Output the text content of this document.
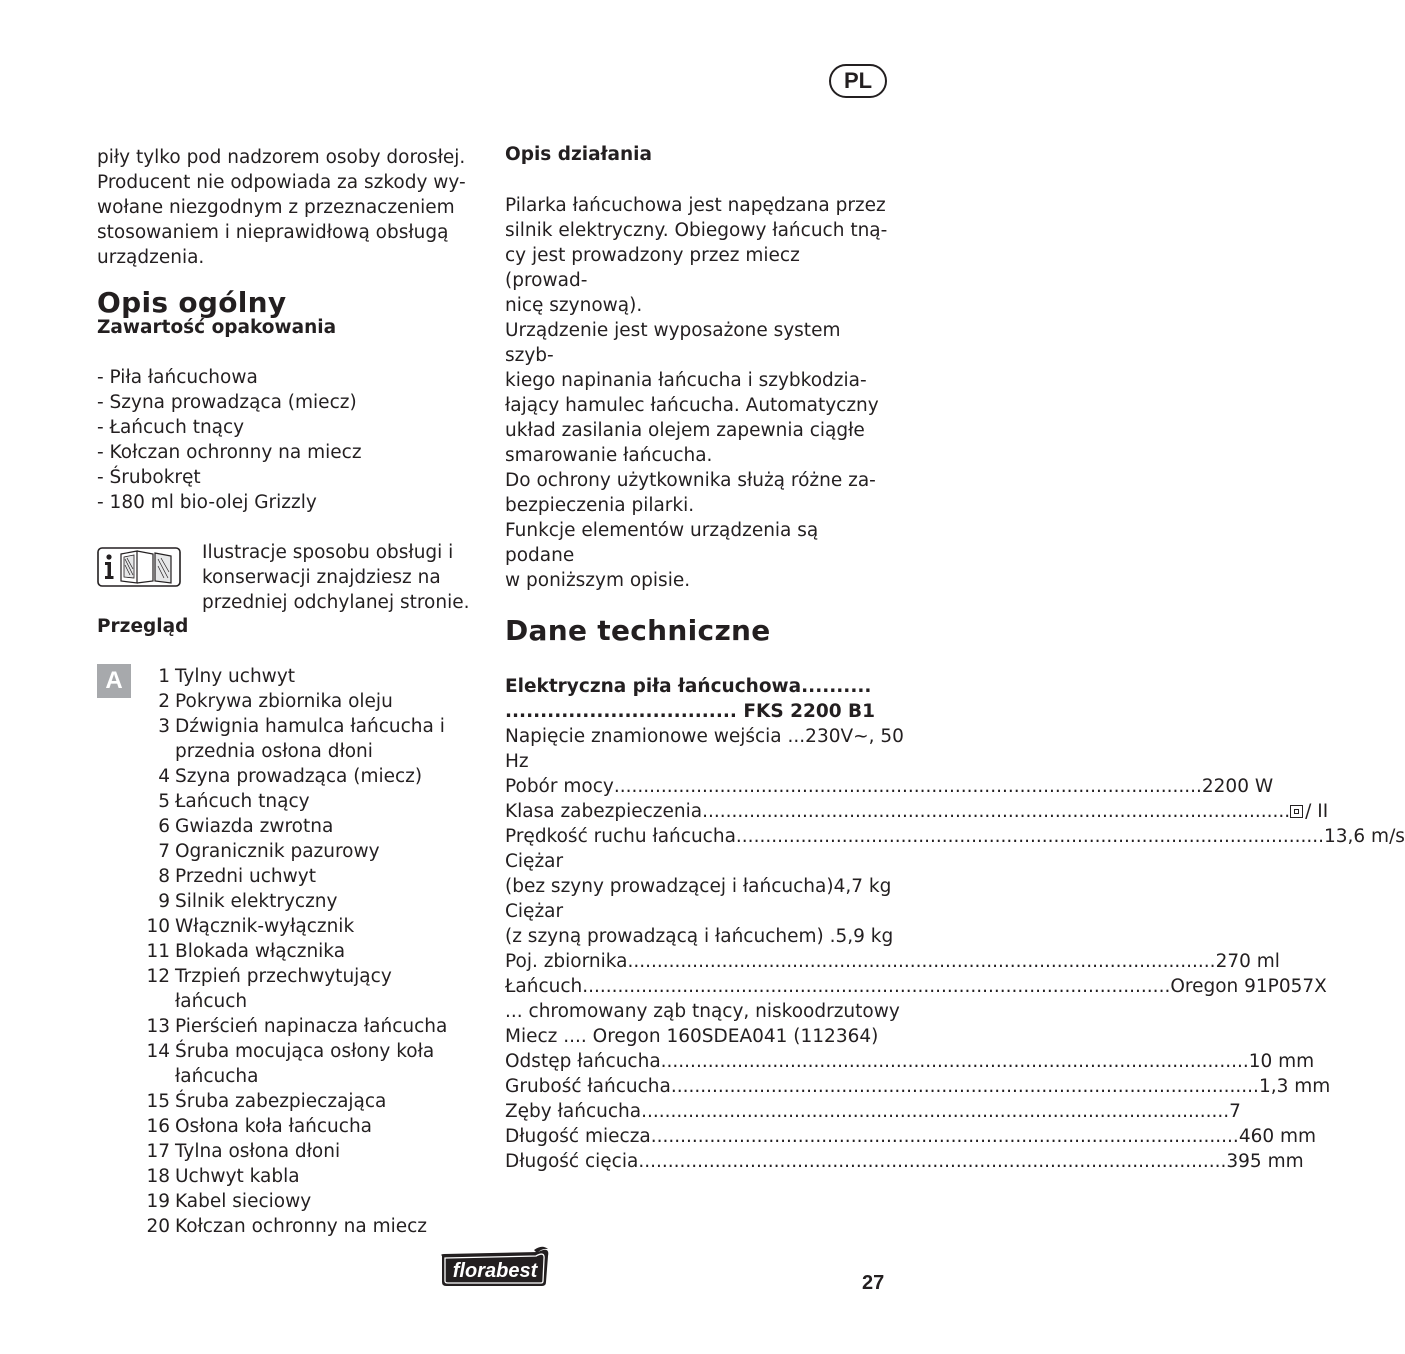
PL

piły tylko pod nadzorem osoby dorosłej.

Producent nie odpowiada za szkody wy-

wołane niezgodnym z przeznaczeniem

stosowaniem i nieprawidłową obsługą

urządzenia.

Opis ogólny
Zawartość opakowania

- Piła łańcuchowa

- Szyna prowadząca (miecz)

- Łańcuch tnący

- Kołczan ochronny na miecz

- Śrubokręt

- 180 ml bio-olej Grizzly

Ilustracje sposobu obsługi i

konserwacji znajdziesz na

przedniej odchylanej stronie.

Przegląd
A	1 Tylny uchwyt
2 Pokrywa zbiornika oleju
3 Dźwignia hamulca łańcucha i
przednia osłona dłoni
4 Szyna prowadząca (miecz)
5 Łańcuch tnący
6 Gwiazda zwrotna
7 Ogranicznik pazurowy
8 Przedni uchwyt
9 Silnik elektryczny
10 Włącznik-wyłącznik
11 Blokada włącznika
12 Trzpień przechwytujący łańcuch
13 Pierścień napinacza łańcucha
14 Śruba mocująca osłony koła
łańcucha
15 Śruba zabezpieczająca
16 Osłona koła łańcucha
17 Tylna osłona dłoni
18 Uchwyt kabla
19 Kabel sieciowy
20 Kołczan ochronny na miecz
Opis działania

Pilarka łańcuchowa jest napędzana przez

silnik elektryczny. Obiegowy łańcuch tną-

cy jest prowadzony przez miecz (prowad-

nicę szynową).

Urządzenie jest wyposażone system szyb-

kiego napinania łańcucha i szybkodzia-

łający hamulec łańcucha. Automatyczny

układ zasilania olejem zapewnia ciągłe

smarowanie łańcucha.

Do ochrony użytkownika służą różne za-

bezpieczenia pilarki.

Funkcje elementów urządzenia są podane

w poniższym opisie.

Dane techniczne

Elektryczna piła łańcuchowa..........

................................. FKS 2200 B1

Napięcie znamionowe wejścia ... 230V~, 50
Hz
Pobór mocy .....	2200 W
Klasa zabezpieczenia .....	/ II
Prędkość ruchu łańcucha .....	13,6 m/s
Ciężar
(bez szyny prowadzącej i łańcucha) 4,7 kg
Ciężar
(z szyną prowadzącą i łańcuchem) . 5,9 kg
Poj. zbiornika .....	270 ml
Łańcuch .....	Oregon 91P057X
... chromowany ząb tnący, niskoodrzutowy
Miecz .... Oregon 160SDEA041 (112364)
Odstęp łańcucha .....	10 mm
Grubość łańcucha .....	1,3 mm
Zęby łańcucha .....	7
Długość miecza .....	460 mm
Długość cięcia .....	395 mm
florabest
27
